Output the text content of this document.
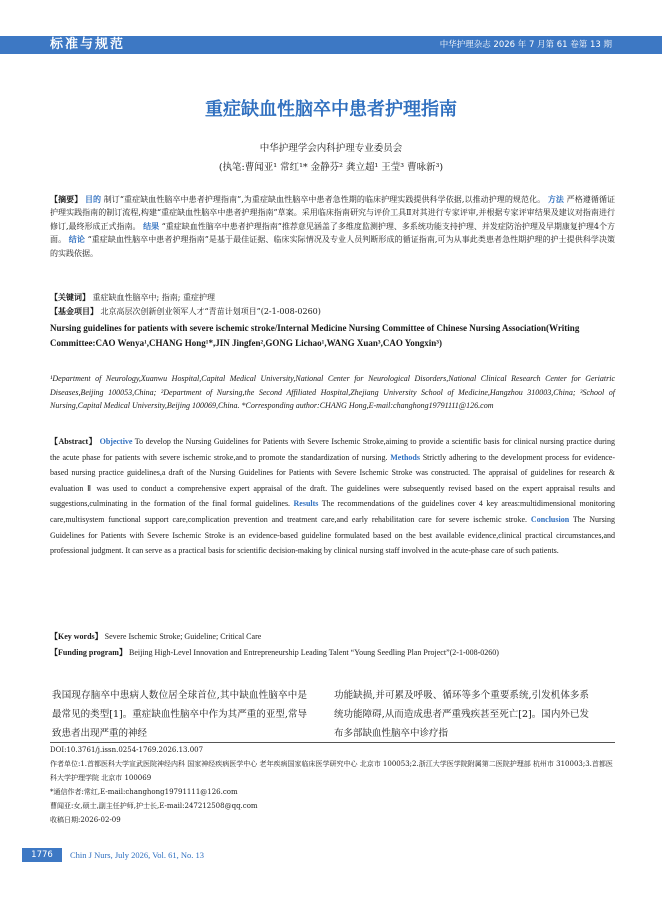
标准与规范	中华护理杂志 2026 年 7 月第 61 卷第 13 期
重症缺血性脑卒中患者护理指南
中华护理学会内科护理专业委员会
(执笔:曹闻亚¹ 常红¹* 金静芬² 龚立超¹ 王莹³ 曹咏新³)
【摘要】 目的 制订“重症缺血性脑卒中患者护理指南”,为重症缺血性脑卒中患者急性期的临床护理实践提供科学依据,以推动护理的规范化。 方法 严格遵循循证护理实践指南的制订流程,构建“重症缺血性脑卒中患者护理指南”草案。采用临床指南研究与评价工具Ⅱ对其进行专家评审,并根据专家评审结果及建议对指南进行修订,最终形成正式指南。 结果 “重症缺血性脑卒中患者护理指南”推荐意见涵盖了多维度监测护理、多系统功能支持护理、并发症防治护理及早期康复护理4个方面。 结论 “重症缺血性脑卒中患者护理指南”是基于最佳证据、临床实际情况及专业人员判断形成的循证指南,可为从事此类患者急性期护理的护士提供科学决策的实践依据。
【关键词】 重症缺血性脑卒中; 指南; 重症护理
【基金项目】 北京高层次创新创业领军人才“青苗计划项目”(2-1-008-0260)
Nursing guidelines for patients with severe ischemic stroke/Internal Medicine Nursing Committee of Chinese Nursing Association(Writing Committee:CAO Wenya¹,CHANG Hong¹*,JIN Jingfen²,GONG Lichao¹,WANG Xuan³,CAO Yongxin³)
¹Department of Neurology,Xuanwu Hospital,Capital Medical University,National Center for Neurological Disorders,National Clinical Research Center for Geriatric Diseases,Beijing 100053,China; ²Department of Nursing,the Second Affiliated Hospital,Zhejiang University School of Medicine,Hangzhou 310003,China; ³School of Nursing,Capital Medical University,Beijing 100069,China. *Corresponding author:CHANG Hong,E-mail:changhong19791111@126.com
【Abstract】 Objective To develop the Nursing Guidelines for Patients with Severe Ischemic Stroke,aiming to provide a scientific basis for clinical nursing practice during the acute phase for patients with severe ischemic stroke,and to promote the standardization of nursing. Methods Strictly adhering to the development process for evidence-based nursing practice guidelines,a draft of the Nursing Guidelines for Patients with Severe Ischemic Stroke was constructed. The appraisal of guidelines for research & evaluation Ⅱ was used to conduct a comprehensive expert appraisal of the draft. The guidelines were subsequently revised based on the expert appraisal results and suggestions,culminating in the formation of the final formal guidelines. Results The recommendations of the guidelines cover 4 key areas:multidimensional monitoring care,multisystem functional support care,complication prevention and treatment care,and early rehabilitation care for severe ischemic stroke. Conclusion The Nursing Guidelines for Patients with Severe Ischemic Stroke is an evidence-based guideline formulated based on the best available evidence,clinical practical circumstances,and professional judgment. It can serve as a practical basis for scientific decision-making by clinical nursing staff involved in the acute-phase care of such patients.
【Key words】 Severe Ischemic Stroke; Guideline; Critical Care
【Funding program】 Beijing High-Level Innovation and Entrepreneurship Leading Talent “Young Seedling Plan Project”(2-1-008-0260)
我国现存脑卒中患病人数位居全球首位,其中缺血性脑卒中是最常见的类型[1]。重症缺血性脑卒中作为其严重的亚型,常导致患者出现严重的神经
功能缺损,并可累及呼吸、循环等多个重要系统,引发机体多系统功能障碍,从而造成患者严重残疾甚至死亡[2]。国内外已发布多部缺血性脑卒中诊疗指
DOI:10.3761/j.issn.0254-1769.2026.13.007
作者单位:1.首都医科大学宣武医院神经内科 国家神经疾病医学中心 老年疾病国家临床医学研究中心 北京市 100053;2.浙江大学医学院附属第二医院护理部 杭州市 310003;3.首都医科大学护理学院 北京市 100069
*通信作者:常红,E-mail:changhong19791111@126.com
曹闻亚:女,硕士,副主任护师,护士长,E-mail:247212508@qq.com
收稿日期:2026-02-09
1776	Chin J Nurs, July 2026, Vol. 61, No. 13
